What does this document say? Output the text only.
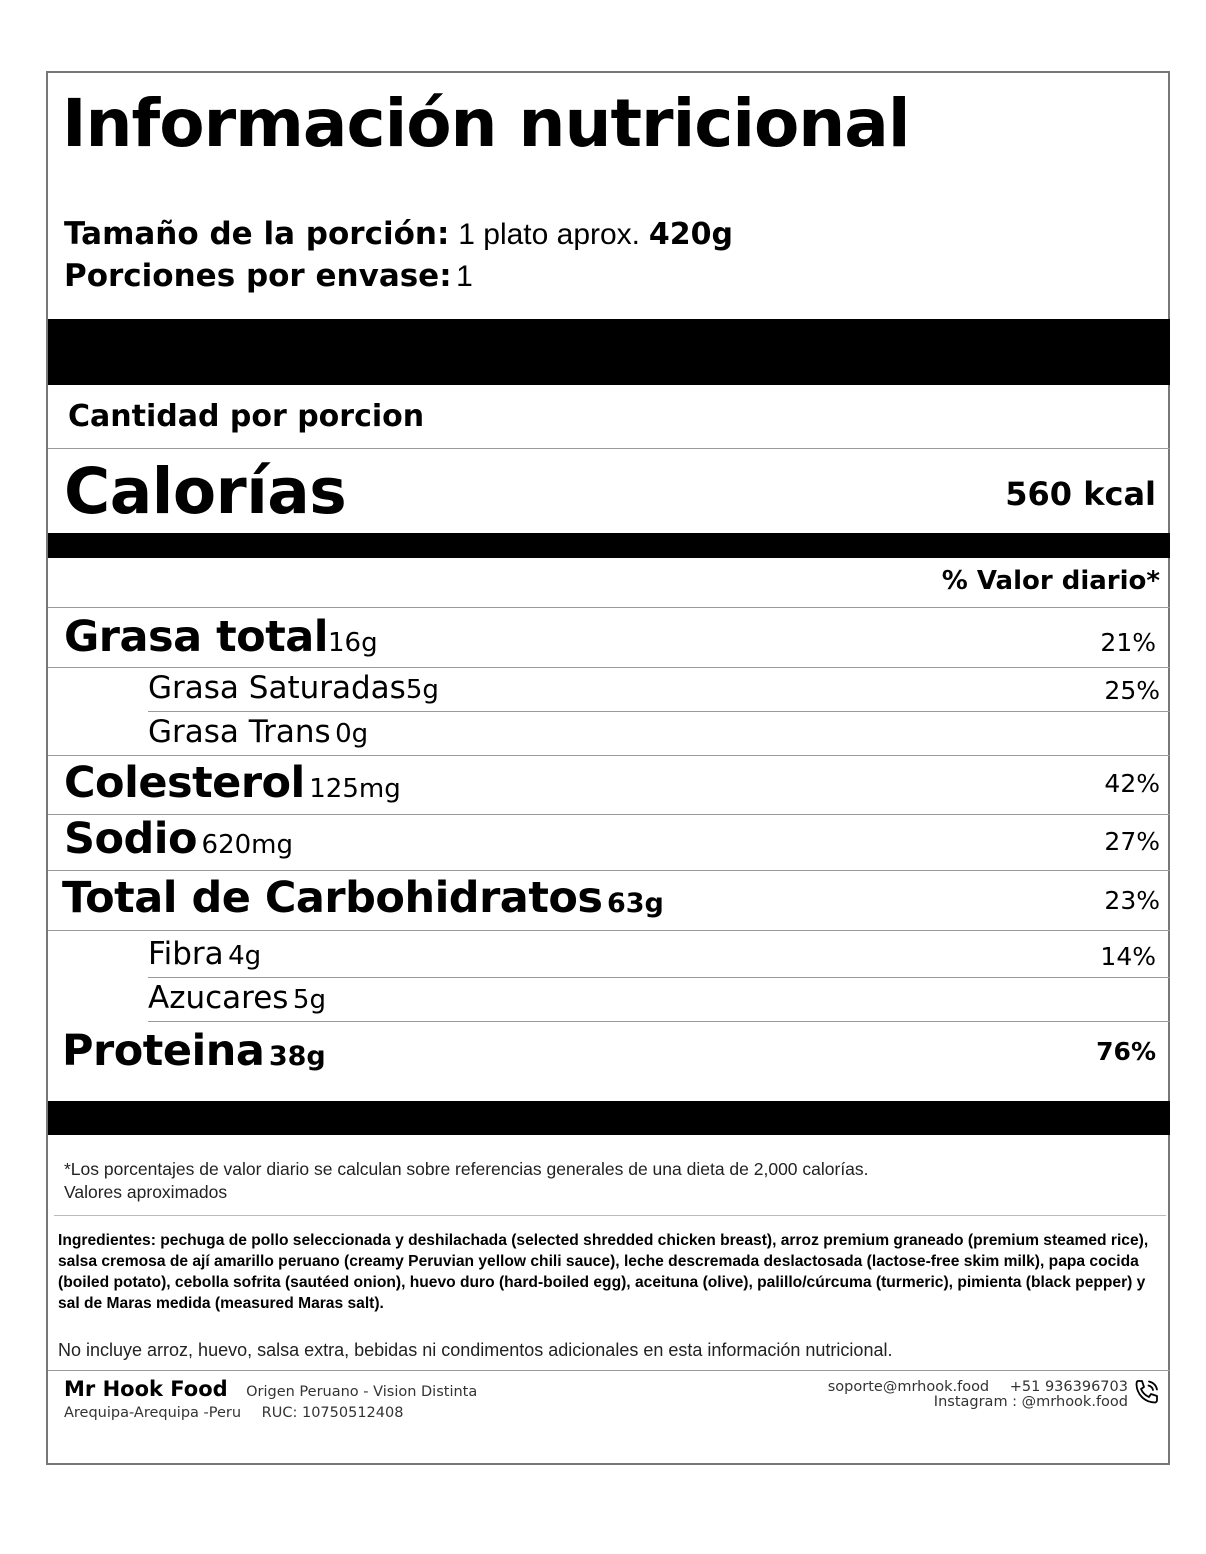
Información nutricional
Tamaño de la porción: 1 plato aprox. 420g
Porciones por envase: 1
Cantidad por porcion
Calorías	560 kcal
% Valor diario*
Grasa total16g	21%
Grasa Saturadas5g	25%
Grasa Trans 0g
Colesterol 125mg	42%
Sodio 620mg	27%
Total de Carbohidratos 63g	23%
Fibra 4g	14%
Azucares 5g
Proteina 38g	76%
*Los porcentajes de valor diario se calculan sobre referencias generales de una dieta de 2,000 calorías.
Valores aproximados
Ingredientes: pechuga de pollo seleccionada y deshilachada (selected shredded chicken breast), arroz premium graneado (premium steamed rice), salsa cremosa de ají amarillo peruano (creamy Peruvian yellow chili sauce), leche descremada deslactosada (lactose-free skim milk), papa cocida (boiled potato), cebolla sofrita (sautéed onion), huevo duro (hard-boiled egg), aceituna (olive), palillo/cúrcuma (turmeric), pimienta (black pepper) y sal de Maras medida (measured Maras salt).
No incluye arroz, huevo, salsa extra, bebidas ni condimentos adicionales en esta información nutricional.
Mr Hook Food Origen Peruano - Vision Distinta
Arequipa-Arequipa -Peru RUC: 10750512408
soporte@mrhook.food +51 936396703
Instagram : @mrhook.food
